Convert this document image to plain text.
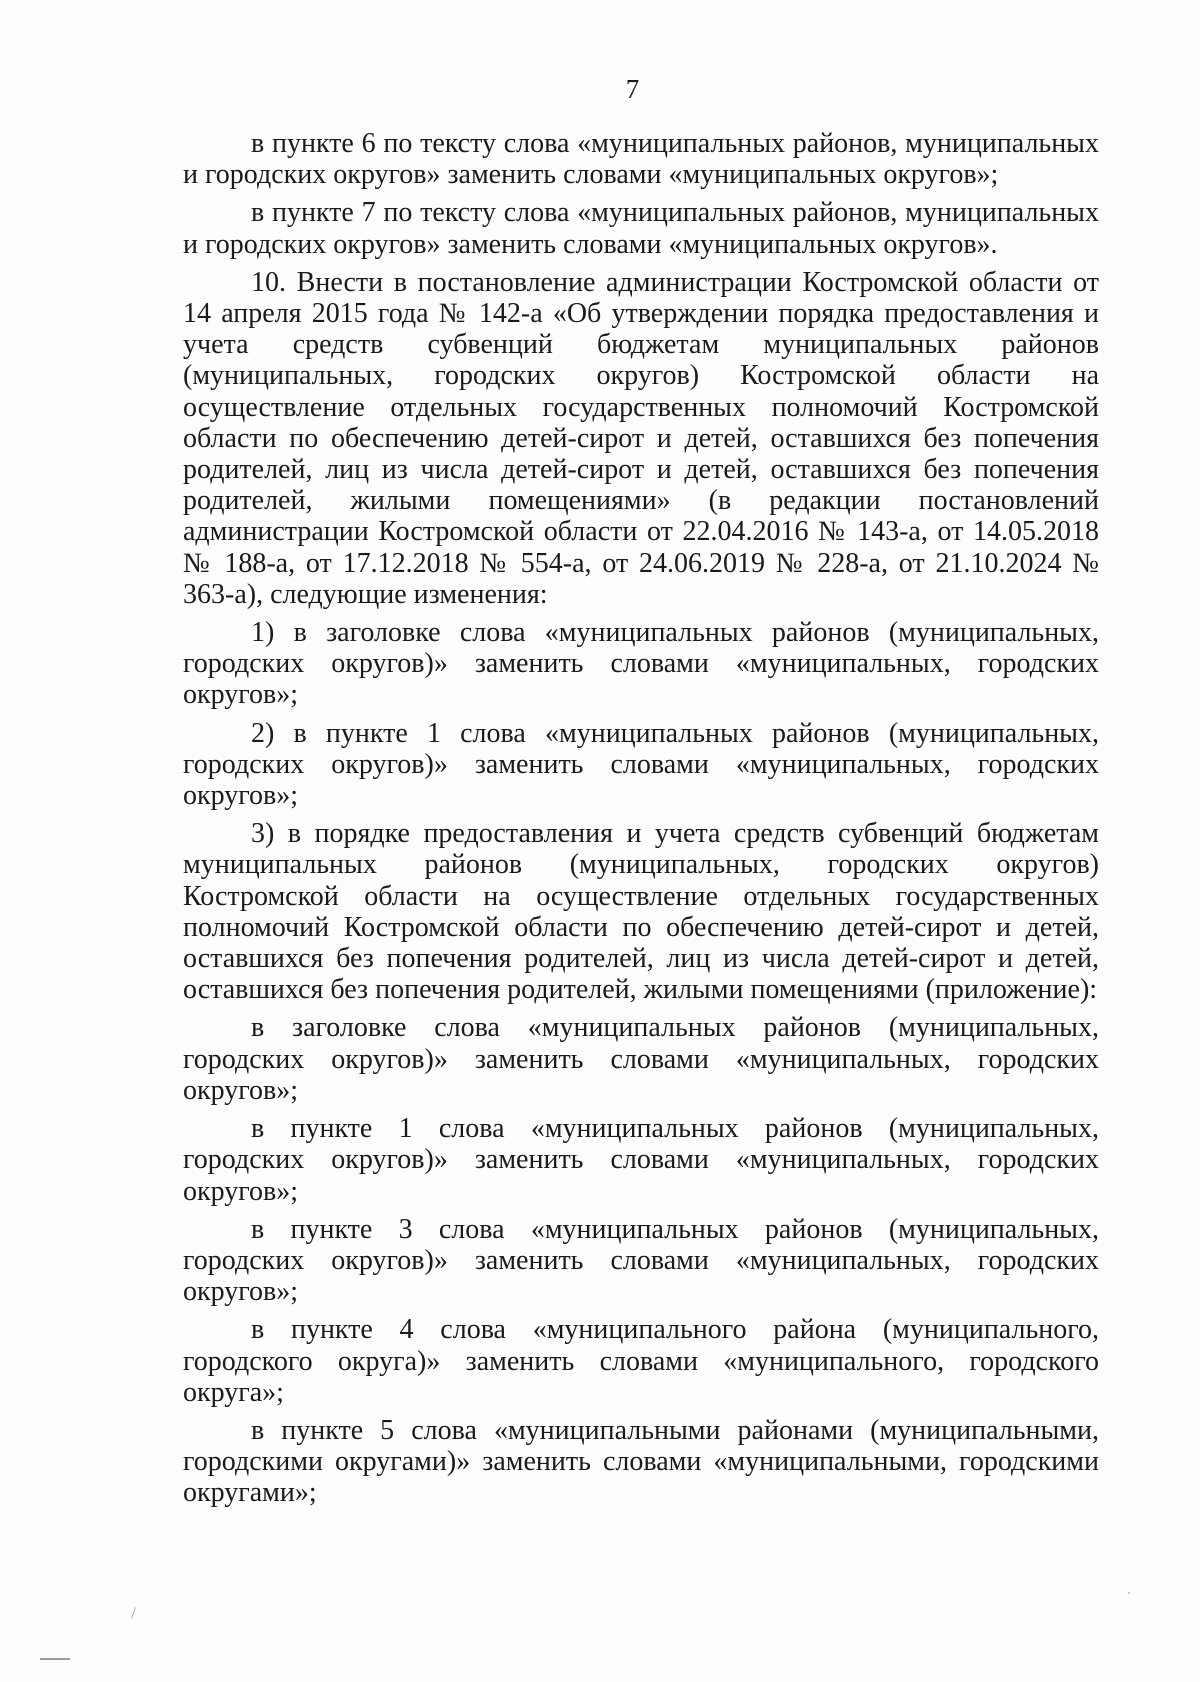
7

в пункте 6 по тексту слова «муниципальных районов, муниципальных и городских округов» заменить словами «муниципальных округов»;

в пункте 7 по тексту слова «муниципальных районов, муниципальных и городских округов» заменить словами «муниципальных округов».

10. Внести в постановление администрации Костромской области от 14 апреля 2015 года № 142-а «Об утверждении порядка предоставления и учета средств субвенций бюджетам муниципальных районов (муниципальных, городских округов) Костромской области на осуществление отдельных государственных полномочий Костромской области по обеспечению детей-сирот и детей, оставшихся без попечения родителей, лиц из числа детей-сирот и детей, оставшихся без попечения родителей, жилыми помещениями» (в редакции постановлений администрации Костромской области от 22.04.2016 № 143-а, от 14.05.2018 № 188-а, от 17.12.2018 № 554-а, от 24.06.2019 № 228-а, от 21.10.2024 № 363-а), следующие изменения:

1) в заголовке слова «муниципальных районов (муниципальных, городских округов)» заменить словами «муниципальных, городских округов»;

2) в пункте 1 слова «муниципальных районов (муниципальных, городских округов)» заменить словами «муниципальных, городских округов»;

3) в порядке предоставления и учета средств субвенций бюджетам муниципальных районов (муниципальных, городских округов) Костромской области на осуществление отдельных государственных полномочий Костромской области по обеспечению детей-сирот и детей, оставшихся без попечения родителей, лиц из числа детей-сирот и детей, оставшихся без попечения родителей, жилыми помещениями (приложение):

в заголовке слова «муниципальных районов (муниципальных, городских округов)» заменить словами «муниципальных, городских округов»;

в пункте 1 слова «муниципальных районов (муниципальных, городских округов)» заменить словами «муниципальных, городских округов»;

в пункте 3 слова «муниципальных районов (муниципальных, городских округов)» заменить словами «муниципальных, городских округов»;

в пункте 4 слова «муниципального района (муниципального, городского округа)» заменить словами «муниципального, городского округа»;

в пункте 5 слова «муниципальными районами (муниципальными, городскими округами)» заменить словами «муниципальными, городскими округами»;
